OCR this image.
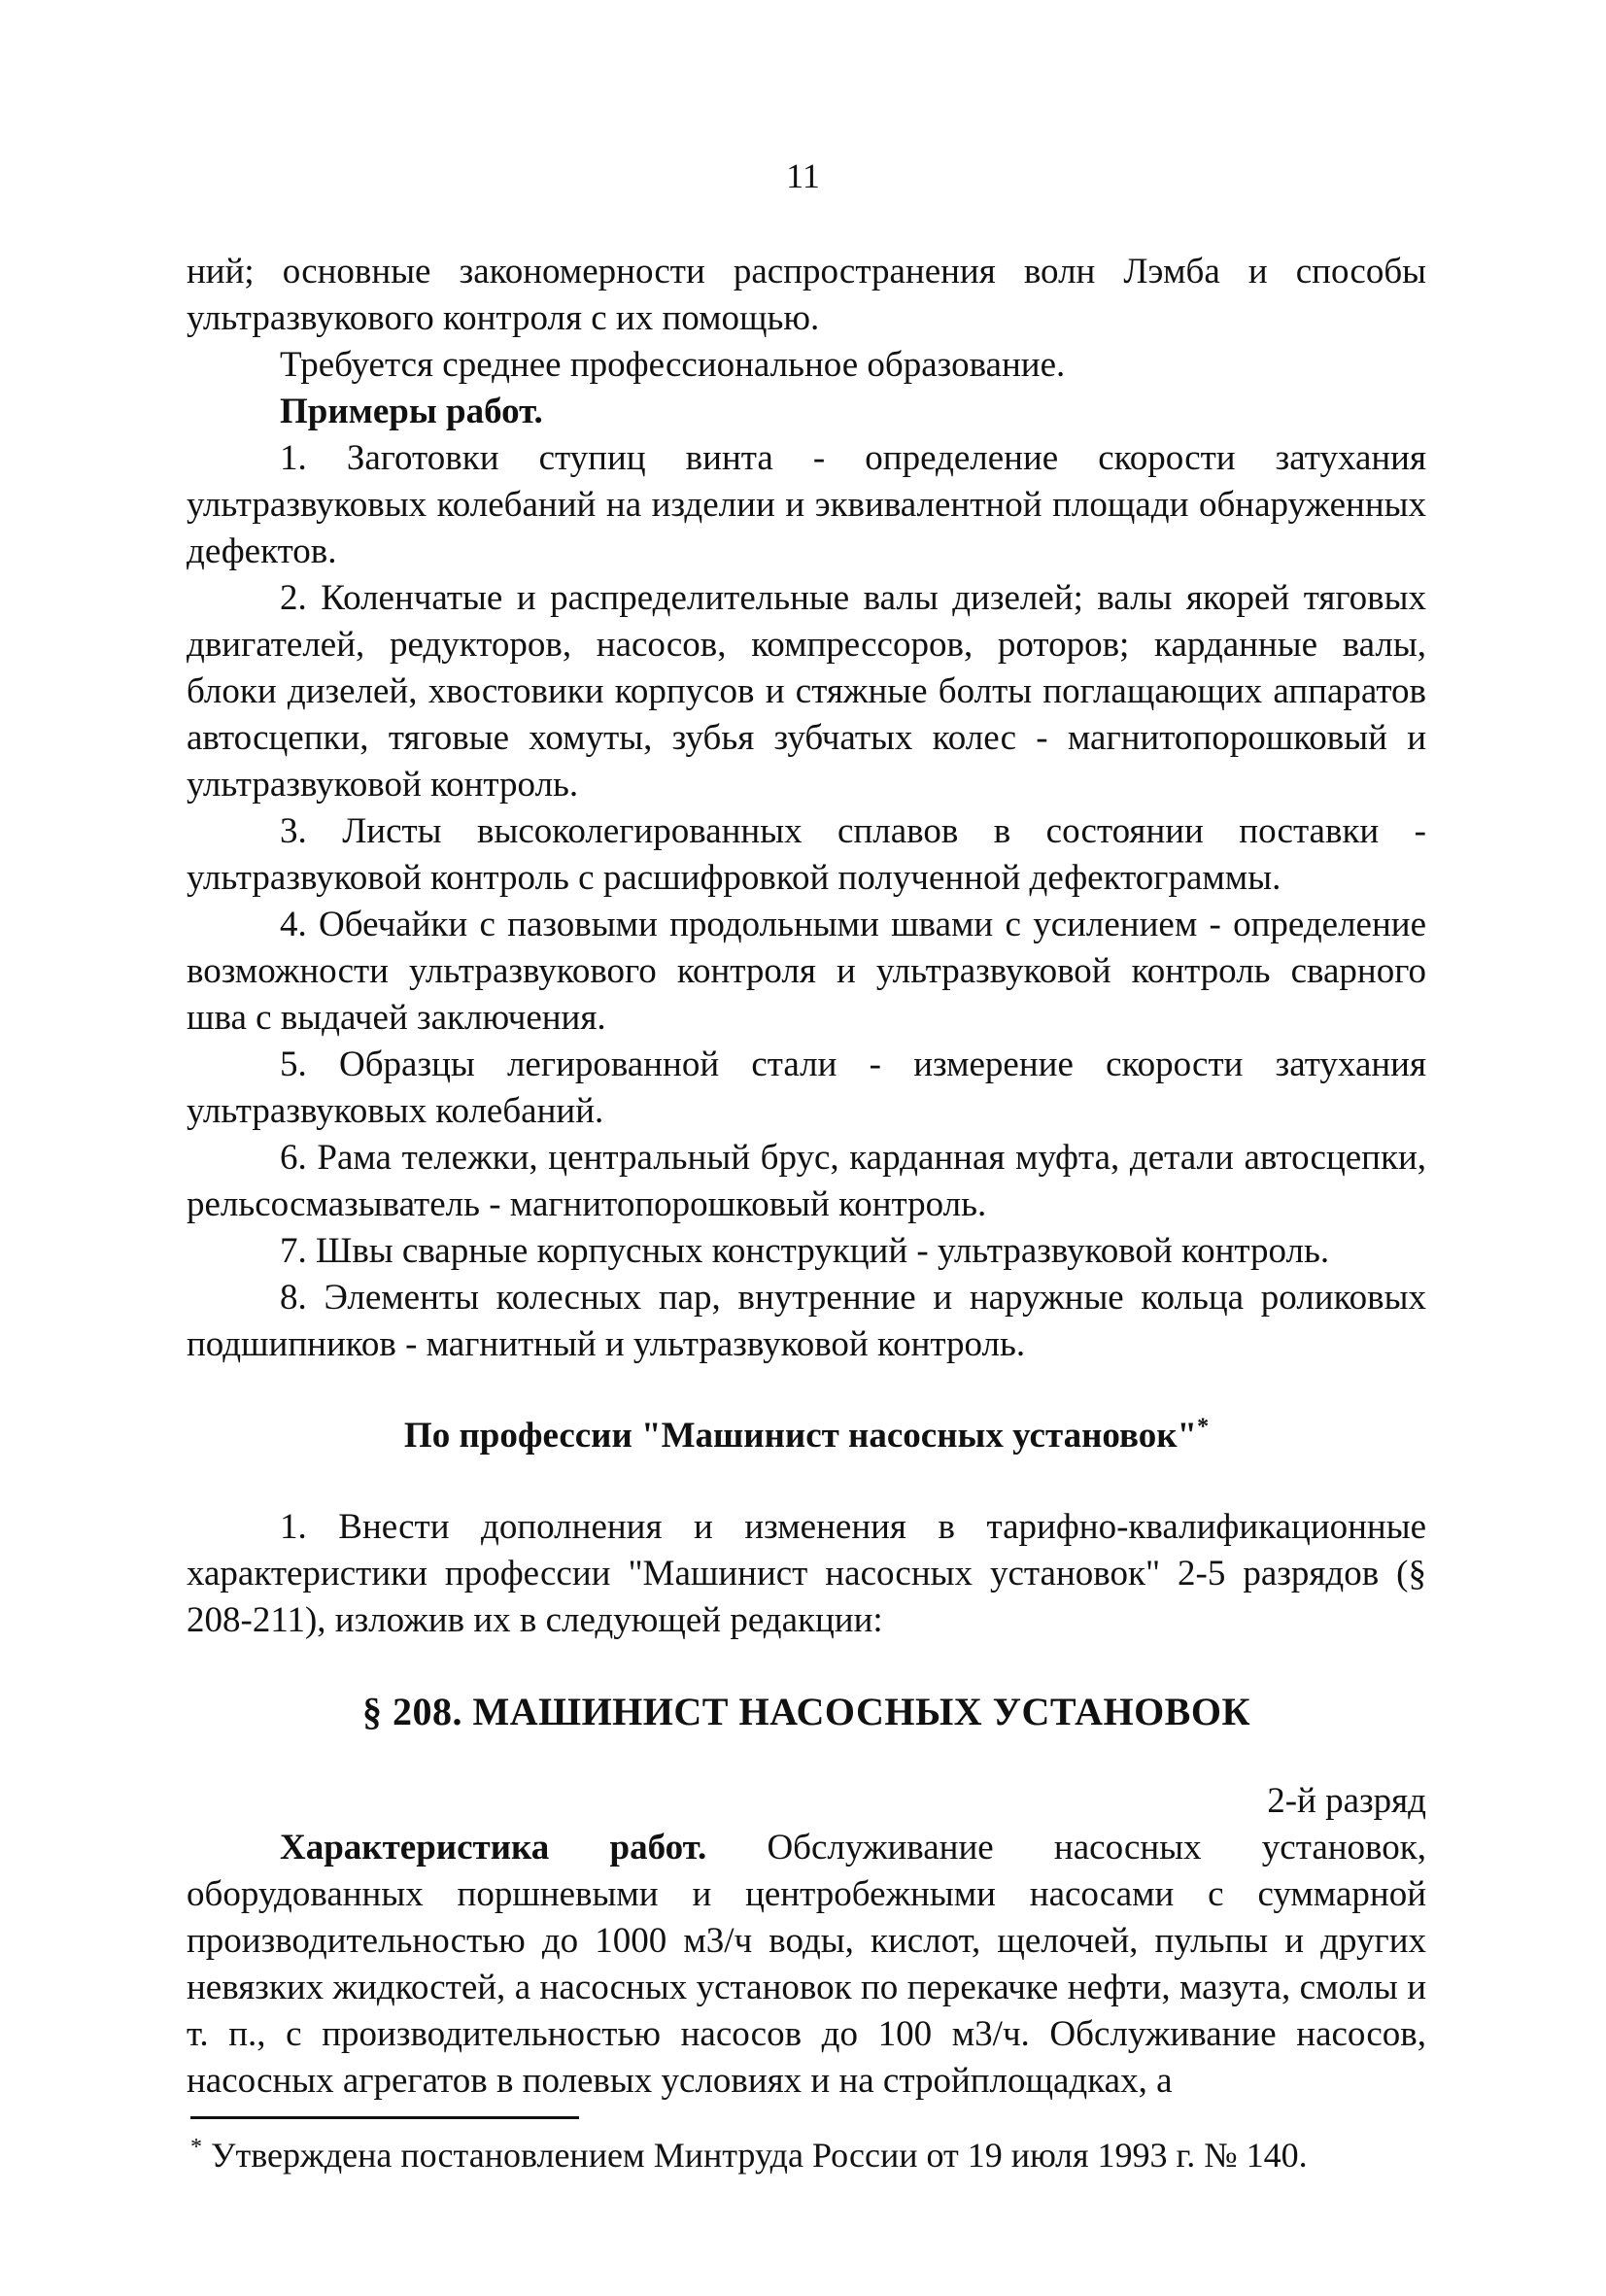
11

ний; основные закономерности распространения волн Лэмба и способы ультразвукового контроля с их помощью.

Требуется среднее профессиональное образование.

Примеры работ.

1. Заготовки ступиц винта - определение скорости затухания ультразвуковых колебаний на изделии и эквивалентной площади обнаруженных дефектов.

2. Коленчатые и распределительные валы дизелей; валы якорей тяговых двигателей, редукторов, насосов, компрессоров, роторов; карданные валы, блоки дизелей, хвостовики корпусов и стяжные болты поглащающих аппаратов автосцепки, тяговые хомуты, зубья зубчатых колес - магнитопорошковый и ультразвуковой контроль.

3. Листы высоколегированных сплавов в состоянии поставки - ультразвуковой контроль с расшифровкой полученной дефектограммы.

4. Обечайки с пазовыми продольными швами с усилением - определение возможности ультразвукового контроля и ультразвуковой контроль сварного шва с выдачей заключения.

5. Образцы легированной стали - измерение скорости затухания ультразвуковых колебаний.

6. Рама тележки, центральный брус, карданная муфта, детали автосцепки, рельсосмазыватель - магнитопорошковый контроль.

7. Швы сварные корпусных конструкций - ультразвуковой контроль.

8. Элементы колесных пар, внутренние и наружные кольца роликовых подшипников - магнитный и ультразвуковой контроль.

По профессии "Машинист насосных установок"*

1. Внести дополнения и изменения в тарифно-квалификационные характеристики профессии "Машинист насосных установок" 2-5 разрядов (§ 208-211), изложив их в следующей редакции:

§ 208. МАШИНИСТ НАСОСНЫХ УСТАНОВОК

2-й разряд

Характеристика работ. Обслуживание насосных установок, оборудованных поршневыми и центробежными насосами с суммарной производительностью до 1000 м3/ч воды, кислот, щелочей, пульпы и других невязких жидкостей, а насосных установок по перекачке нефти, мазута, смолы и т. п., с производительностью насосов до 100 м3/ч. Обслуживание насосов, насосных агрегатов в полевых условиях и на стройплощадках, а

* Утверждена постановлением Минтруда России от 19 июля 1993 г. № 140.
